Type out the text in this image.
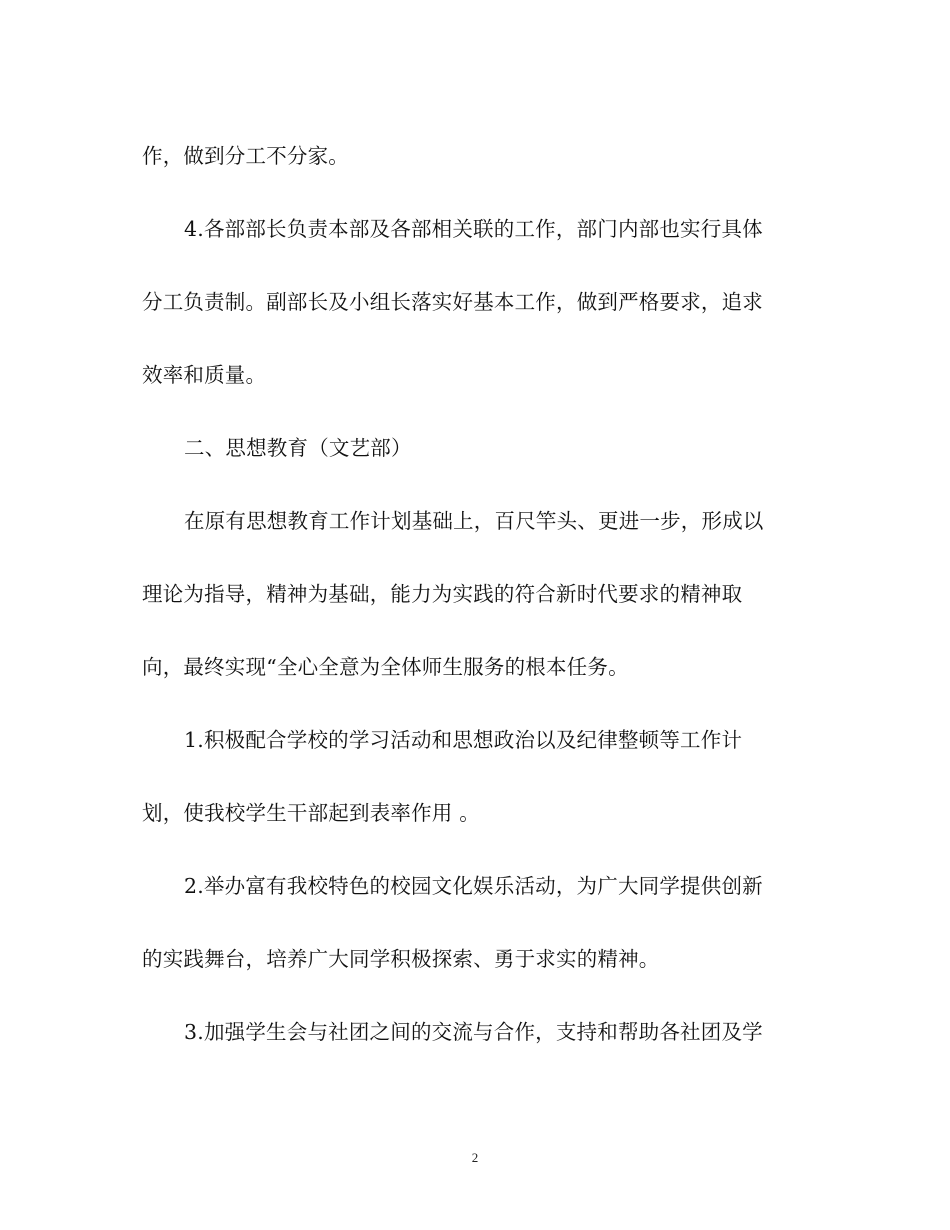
作，做到分工不分家。
4.各部部长负责本部及各部相关联的工作，部门内部也实行具体
分工负责制。副部长及小组长落实好基本工作，做到严格要求，追求
效率和质量。
二、思想教育（文艺部）
在原有思想教育工作计划基础上，百尺竿头、更进一步，形成以
理论为指导，精神为基础，能力为实践的符合新时代要求的精神取
向，最终实现“全心全意为全体师生服务的根本任务。
1.积极配合学校的学习活动和思想政治以及纪律整顿等工作计
划，使我校学生干部起到表率作用 。
2.举办富有我校特色的校园文化娱乐活动，为广大同学提供创新
的实践舞台，培养广大同学积极探索、勇于求实的精神。
3.加强学生会与社团之间的交流与合作，支持和帮助各社团及学
2
